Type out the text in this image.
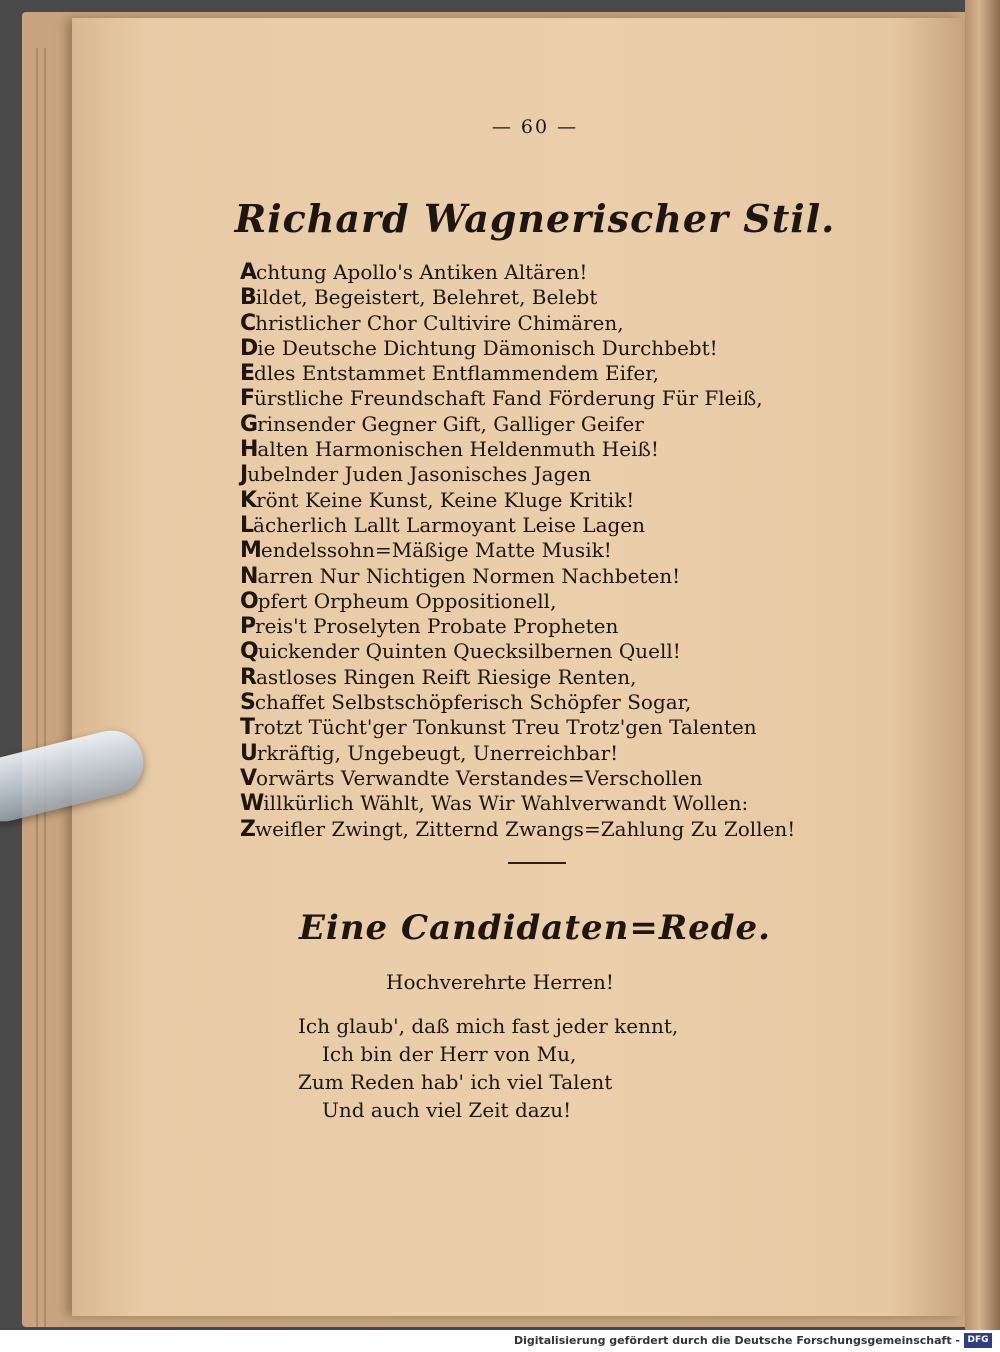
— 60 —
Richard Wagnerischer Stil.
Achtung Apollo's Antiken Altären!
Bildet, Begeistert, Belehret, Belebt
Christlicher Chor Cultivire Chimären,
Die Deutsche Dichtung Dämonisch Durchbebt!
Edles Entstammet Entflammendem Eifer,
Fürstliche Freundschaft Fand Förderung Für Fleiß,
Grinsender Gegner Gift, Galliger Geifer
Halten Harmonischen Heldenmuth Heiß!
Jubelnder Juden Jasonisches Jagen
Krönt Keine Kunst, Keine Kluge Kritik!
Lächerlich Lallt Larmoyant Leise Lagen
Mendelssohn=Mäßige Matte Musik!
Narren Nur Nichtigen Normen Nachbeten!
Opfert Orpheum Oppositionell,
Preis't Proselyten Probate Propheten
Quickender Quinten Quecksilbernen Quell!
Rastloses Ringen Reift Riesige Renten,
Schaffet Selbstschöpferisch Schöpfer Sogar,
Trotzt Tücht'ger Tonkunst Treu Trotz'gen Talenten
Urkräftig, Ungebeugt, Unerreichbar!
Vorwärts Verwandte Verstandes=Verschollen
Willkürlich Wählt, Was Wir Wahlverwandt Wollen:
Zweifler Zwingt, Zitternd Zwangs=Zahlung Zu Zollen!
Eine Candidaten=Rede.
Hochverehrte Herren!
Ich glaub', daß mich fast jeder kennt,
Ich bin der Herr von Mu,
Zum Reden hab' ich viel Talent
Und auch viel Zeit dazu!
Digitalisierung gefördert durch die Deutsche Forschungsgemeinschaft - DFG
